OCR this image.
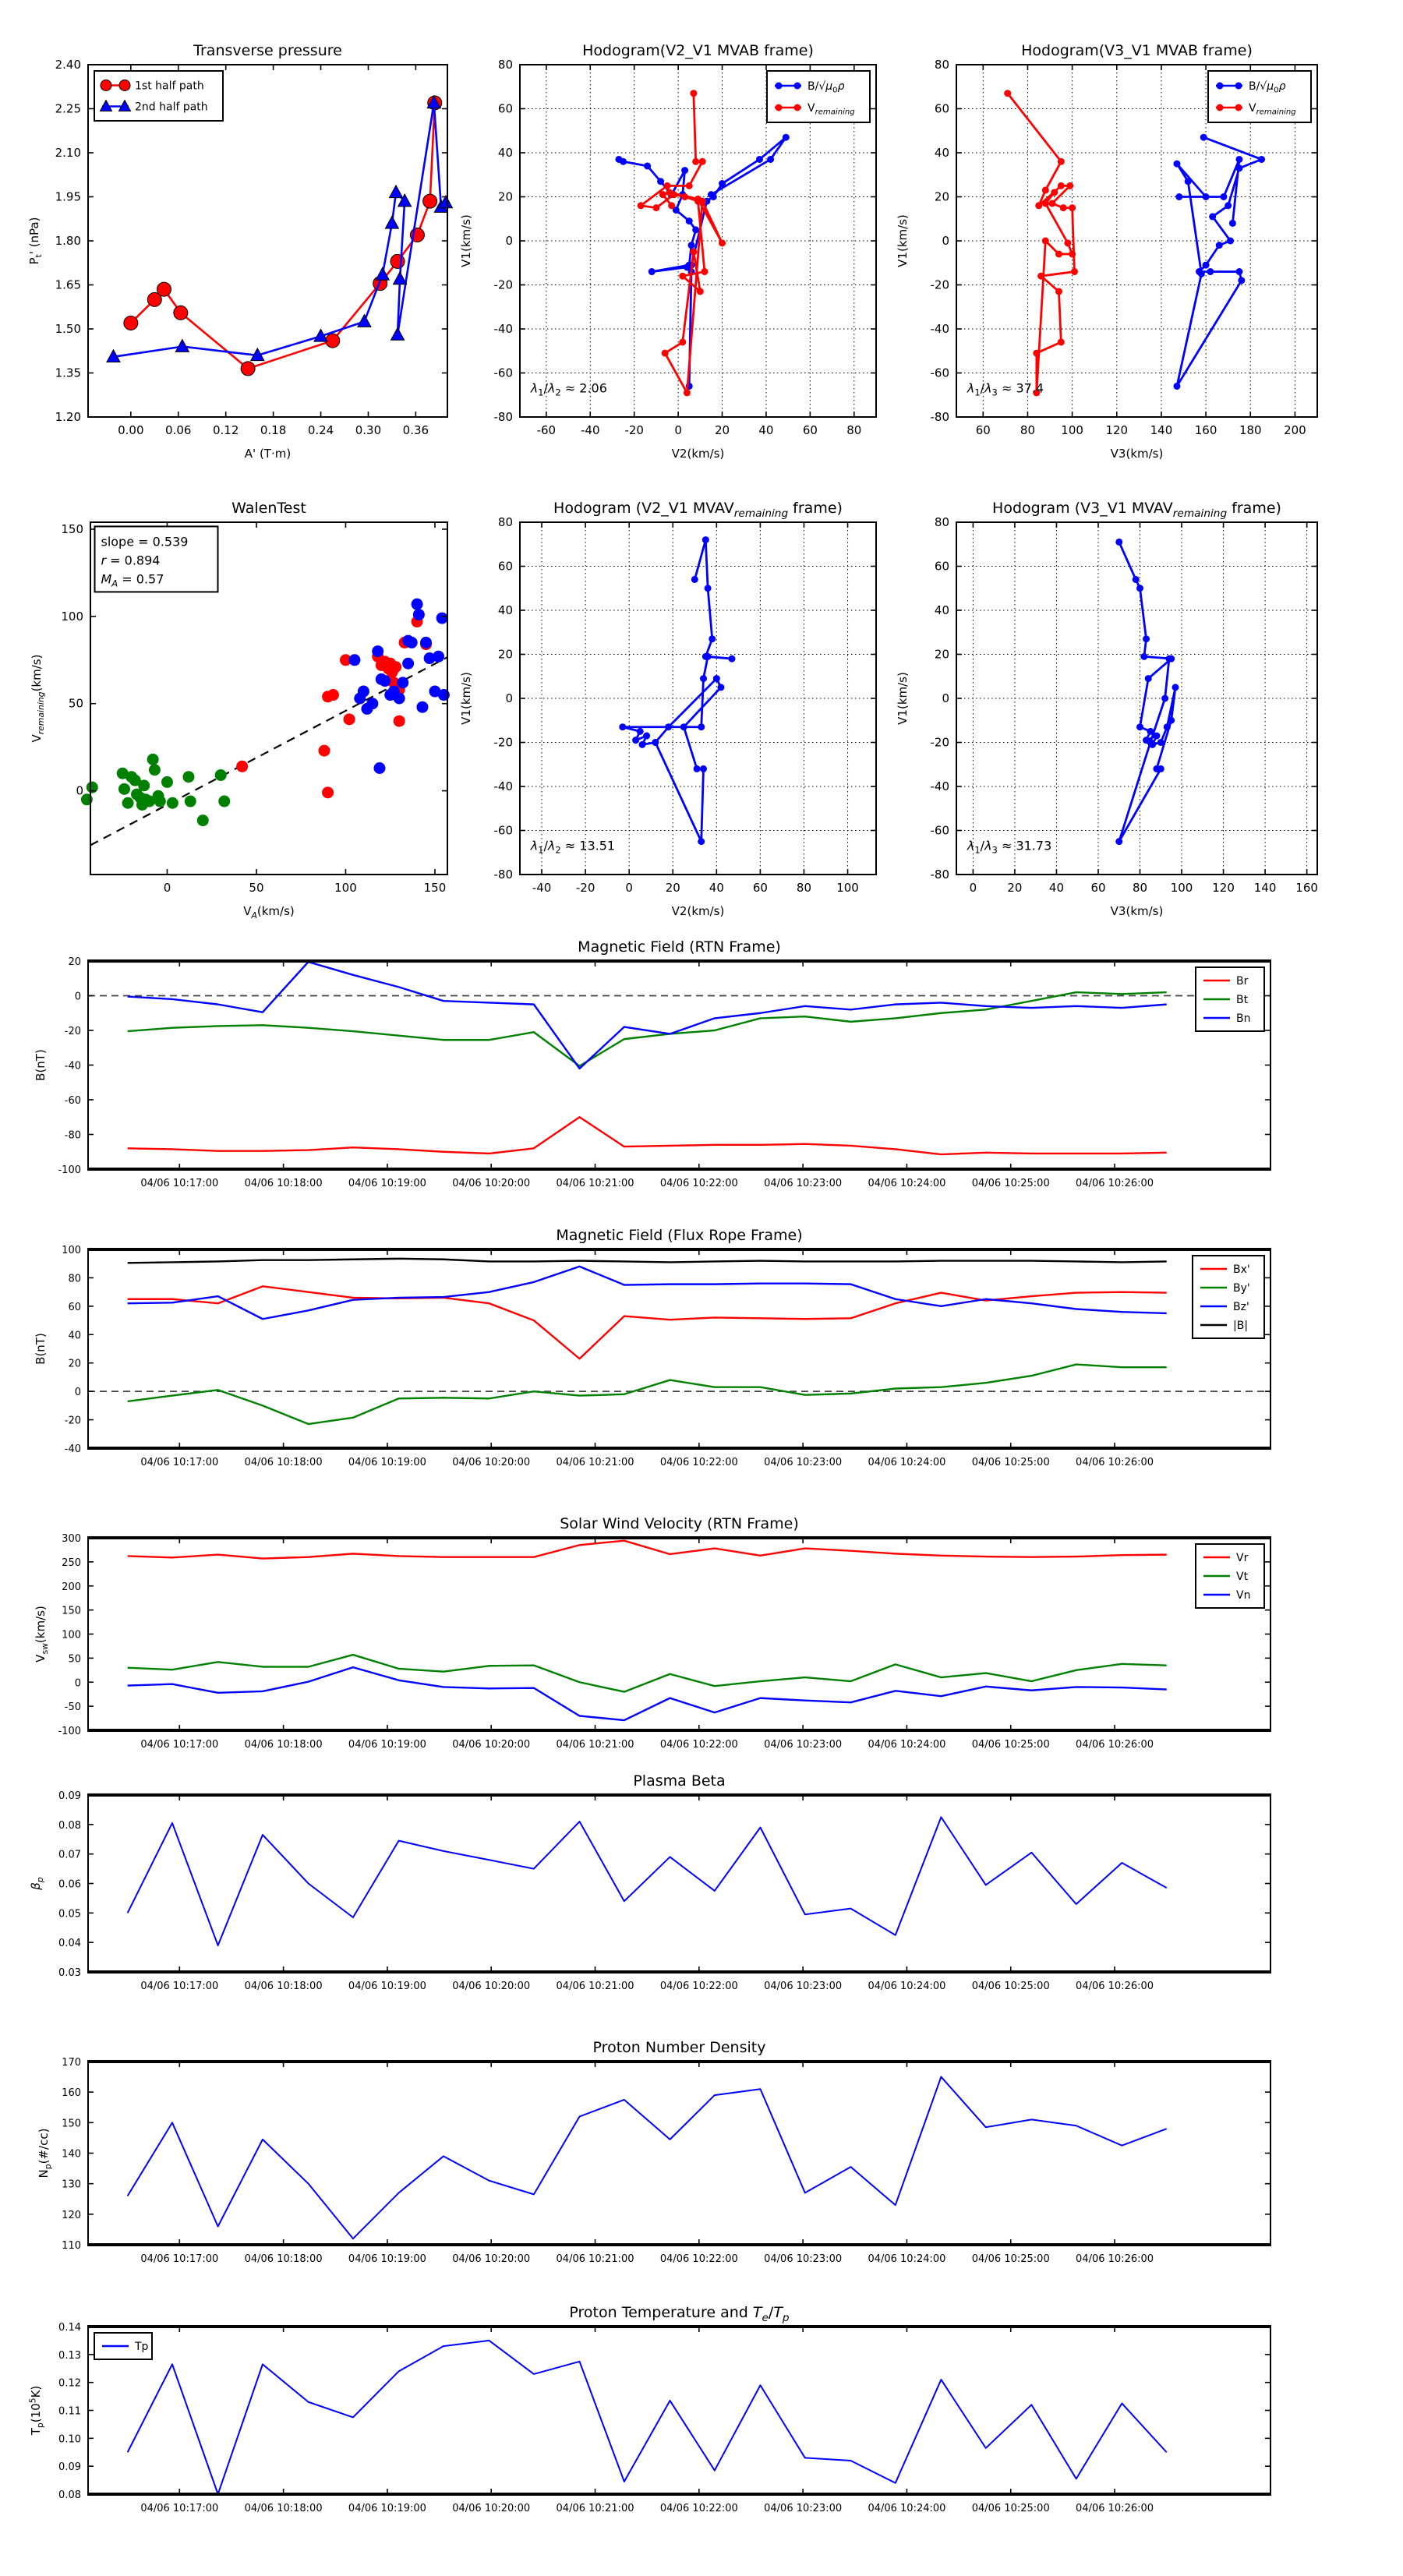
0.00 0.06 0.12 0.18 0.24 0.30 0.36
1.20
1.35
1.50
1.65
1.80
1.95
2.10
2.25
2.40
Transverse pressure
A' (T·m)
$P_t'$ (nPa)
1st half path
2nd half path
-60 -40 -20	0	20 40 60 80
-80
-60
-40
-20
0
20
40
60
80
Hodogram(V2_V1 MVAB frame)
V2(km/s)
V1(km/s)
$\lambda_1/\lambda_2 \approx 2.06$
$B/√\mu_0\rho$
$V_{remaining}$
60	80 100 120 140 160 180 200
-80
-60
-40
-20
0
20
40
60
80
Hodogram(V3_V1 MVAB frame)
V3(km/s)
V1(km/s)
$\lambda_1/\lambda_3 \approx 37.4$
$B/√\mu_0\rho$
$V_{remaining}$
0	50	100	150
0
50
100
150
WalenTest
$V_A(km/s)$
$V_{remaining}(km/s)$
slope = 0.539
r = 0.894
$M_A = 0.57$
-40 -20	0	20 40 60 80 100
-80
-60
-40
-20
0
20
40
60
80
Hodogram (V2_V1 $MVAV_{remaining}$ frame)
V2(km/s)
V1(km/s)
$\lambda_1/\lambda_2 \approx 13.51$
0	20 40 60 80 100 120 140 160
-80
-60
-40
-20
0
20
40
60
80
Hodogram (V3_V1 $MVAV_{remaining}$ frame)
V3(km/s)
V1(km/s)
$\lambda_1/\lambda_3 \approx 31.73$
04/06 10:17:00	04/06 10:18:00	04/06 10:19:00	04/06 10:20:00	04/06 10:21:00	04/06 10:22:00	04/06 10:23:00	04/06 10:24:00	04/06 10:25:00	04/06 10:26:00
-100
-80
-60
-40
-20
0
20
Magnetic Field (RTN Frame)
B(nT)
Br
Bt
Bn
04/06 10:17:00	04/06 10:18:00	04/06 10:19:00	04/06 10:20:00	04/06 10:21:00	04/06 10:22:00	04/06 10:23:00	04/06 10:24:00	04/06 10:25:00	04/06 10:26:00
-40
-20
0
20
40
60
80
100
Magnetic Field (Flux Rope Frame)
B(nT)
Bx'
By'
Bz'
|B|
04/06 10:17:00	04/06 10:18:00	04/06 10:19:00	04/06 10:20:00	04/06 10:21:00	04/06 10:22:00	04/06 10:23:00	04/06 10:24:00	04/06 10:25:00	04/06 10:26:00
-100
-50
0
50
100
150
200
250
300
Solar Wind Velocity (RTN Frame)
$V_{sw}(km/s)$
Vr
Vt
Vn
04/06 10:17:00	04/06 10:18:00	04/06 10:19:00	04/06 10:20:00	04/06 10:21:00	04/06 10:22:00	04/06 10:23:00	04/06 10:24:00	04/06 10:25:00	04/06 10:26:00
0.03
0.04
0.05
0.06
0.07
0.08
0.09
Plasma Beta
$\beta_p$
04/06 10:17:00	04/06 10:18:00	04/06 10:19:00	04/06 10:20:00	04/06 10:21:00	04/06 10:22:00	04/06 10:23:00	04/06 10:24:00	04/06 10:25:00	04/06 10:26:00
110
120
130
140
150
160
170
Proton Number Density
$N_p(\#/cc)$
04/06 10:17:00	04/06 10:18:00	04/06 10:19:00	04/06 10:20:00	04/06 10:21:00	04/06 10:22:00	04/06 10:23:00	04/06 10:24:00	04/06 10:25:00	04/06 10:26:00
0.08
0.09
0.10
0.11
0.12
0.13
0.14
Proton Temperature and $T_e/T_p$
$T_p(10^5K)$
Tp
